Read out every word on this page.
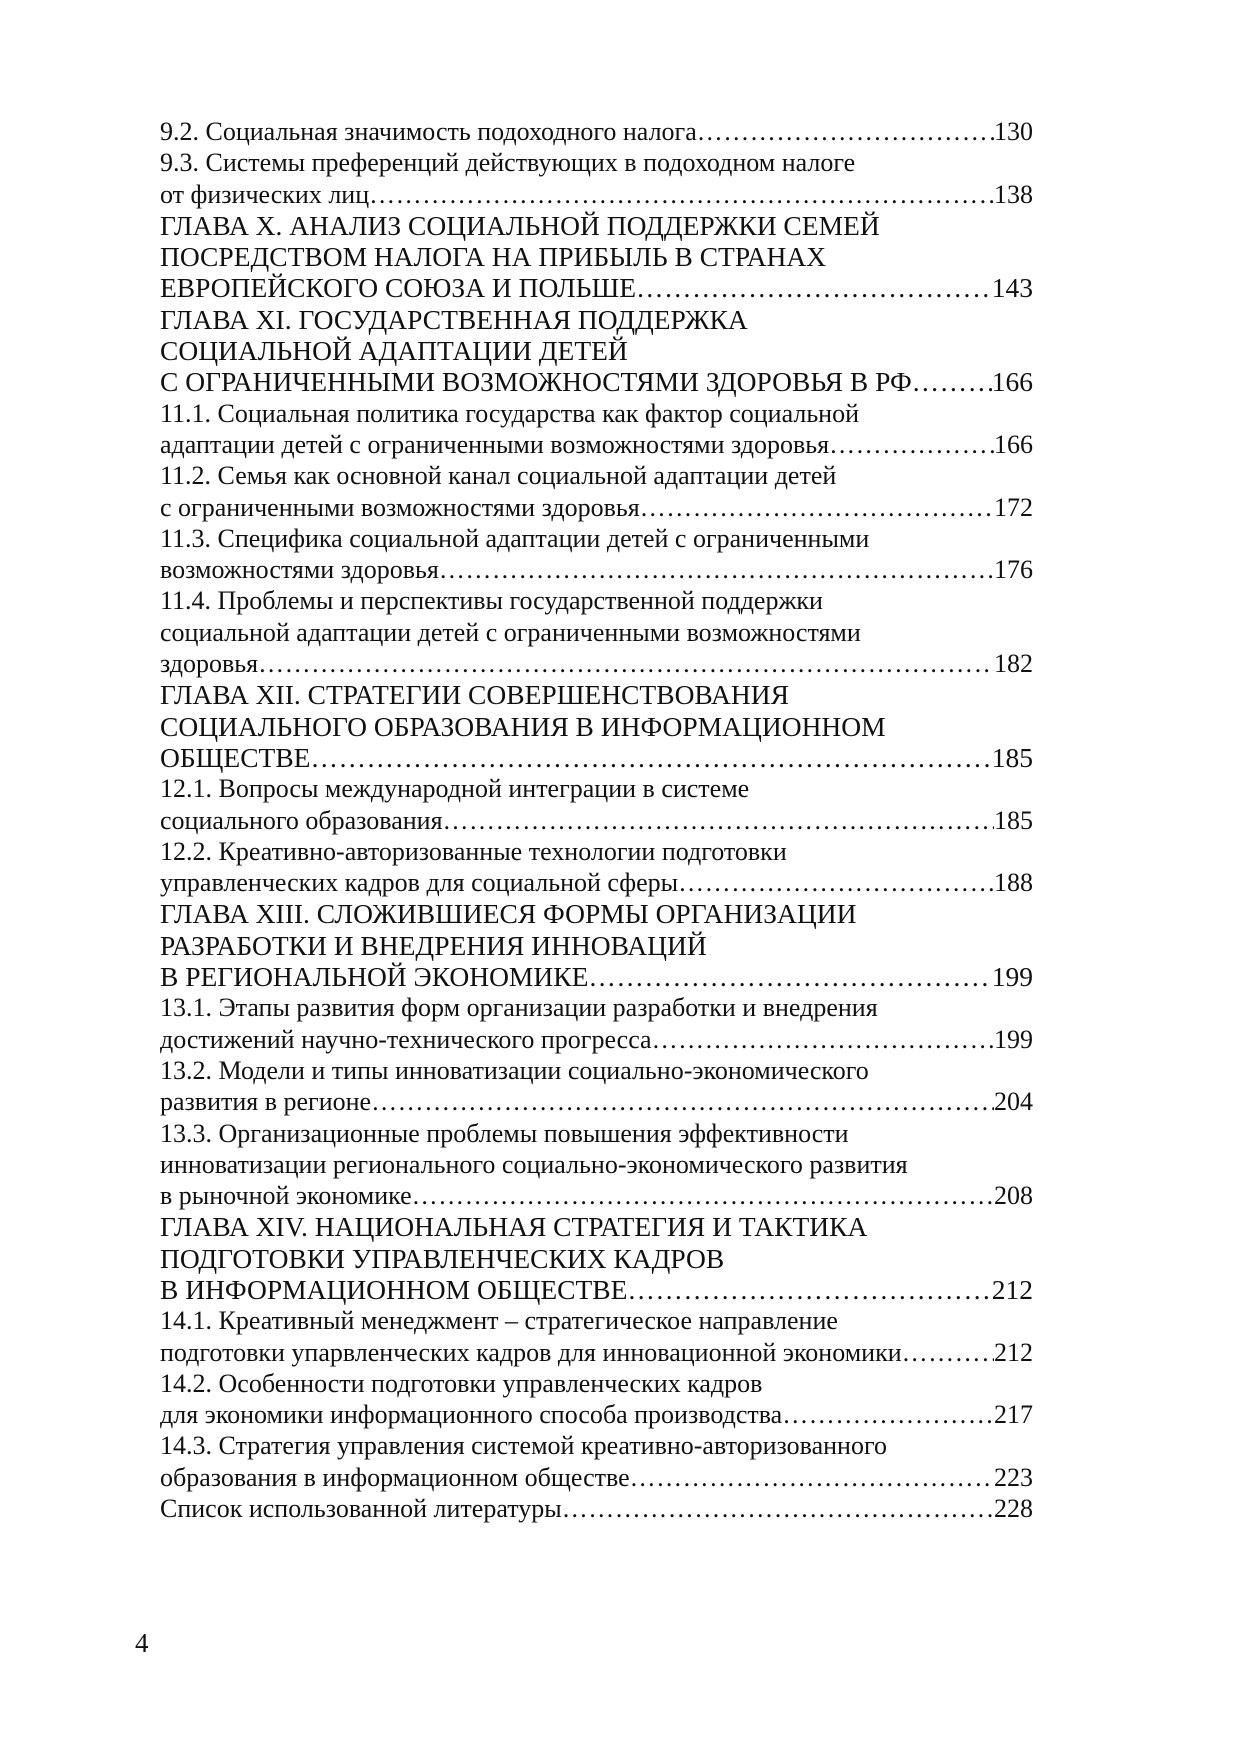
9.2. Социальная значимость подоходного налога …………………………………………………………………………………………………………………………………………………………………………………………………………………………	130
9.3. Системы преференций действующих в подоходном налоге
от физических лиц …………………………………………………………………………………………………………………………………………………………………………………………………………………………	138
ГЛАВА X. АНАЛИЗ СОЦИАЛЬНОЙ ПОДДЕРЖКИ СЕМЕЙ
ПОСРЕДСТВОМ НАЛОГА НА ПРИБЫЛЬ В СТРАНАХ
ЕВРОПЕЙСКОГО СОЮЗА И ПОЛЬШЕ …………………………………………………………………………………………………………………………………………………………………………………………………………………………	143
ГЛАВА XI. ГОСУДАРСТВЕННАЯ ПОДДЕРЖКА
СОЦИАЛЬНОЙ АДАПТАЦИИ ДЕТЕЙ
С ОГРАНИЧЕННЫМИ ВОЗМОЖНОСТЯМИ ЗДОРОВЬЯ В РФ …………………………………………………………………………………………………………………………………………………………………………………………………………………………	166
11.1. Социальная политика государства как фактор социальной
адаптации детей с ограниченными возможностями здоровья …………………………………………………………………………………………………………………………………………………………………………………………………………………………	166
11.2. Семья как основной канал социальной адаптации детей
с ограниченными возможностями здоровья …………………………………………………………………………………………………………………………………………………………………………………………………………………………	172
11.3. Специфика социальной адаптации детей с ограниченными
возможностями здоровья …………………………………………………………………………………………………………………………………………………………………………………………………………………………	176
11.4. Проблемы и перспективы государственной поддержки
социальной адаптации детей с ограниченными возможностями
здоровья …………………………………………………………………………………………………………………………………………………………………………………………………………………………	182
ГЛАВА XII. СТРАТЕГИИ СОВЕРШЕНСТВОВАНИЯ
СОЦИАЛЬНОГО ОБРАЗОВАНИЯ В ИНФОРМАЦИОННОМ
ОБЩЕСТВЕ …………………………………………………………………………………………………………………………………………………………………………………………………………………………	185
12.1. Вопросы международной интеграции в системе
социального образования …………………………………………………………………………………………………………………………………………………………………………………………………………………………	185
12.2. Креативно-авторизованные технологии подготовки
управленческих кадров для социальной сферы …………………………………………………………………………………………………………………………………………………………………………………………………………………………	188
ГЛАВА XIII. СЛОЖИВШИЕСЯ ФОРМЫ ОРГАНИЗАЦИИ
РАЗРАБОТКИ И ВНЕДРЕНИЯ ИННОВАЦИЙ
В РЕГИОНАЛЬНОЙ ЭКОНОМИКЕ …………………………………………………………………………………………………………………………………………………………………………………………………………………………	199
13.1. Этапы развития форм организации разработки и внедрения
достижений научно-технического прогресса …………………………………………………………………………………………………………………………………………………………………………………………………………………………	199
13.2. Модели и типы инноватизации социально-экономического
развития в регионе …………………………………………………………………………………………………………………………………………………………………………………………………………………………	204
13.3. Организационные проблемы повышения эффективности
инноватизации регионального социально-экономического развития
в рыночной экономике …………………………………………………………………………………………………………………………………………………………………………………………………………………………	208
ГЛАВА XIV. НАЦИОНАЛЬНАЯ СТРАТЕГИЯ И ТАКТИКА
ПОДГОТОВКИ УПРАВЛЕНЧЕСКИХ КАДРОВ
В ИНФОРМАЦИОННОМ ОБЩЕСТВЕ …………………………………………………………………………………………………………………………………………………………………………………………………………………………	212
14.1. Креативный менеджмент – стратегическое направление
подготовки упарвленческих кадров для инновационной экономики …………………………………………………………………………………………………………………………………………………………………………………………………………………………	212
14.2. Особенности подготовки управленческих кадров
для экономики информационного способа производства …………………………………………………………………………………………………………………………………………………………………………………………………………………………	217
14.3. Стратегия управления системой креативно-авторизованного
образования в информационном обществе …………………………………………………………………………………………………………………………………………………………………………………………………………………………	223
Список использованной литературы …………………………………………………………………………………………………………………………………………………………………………………………………………………………	228
4
